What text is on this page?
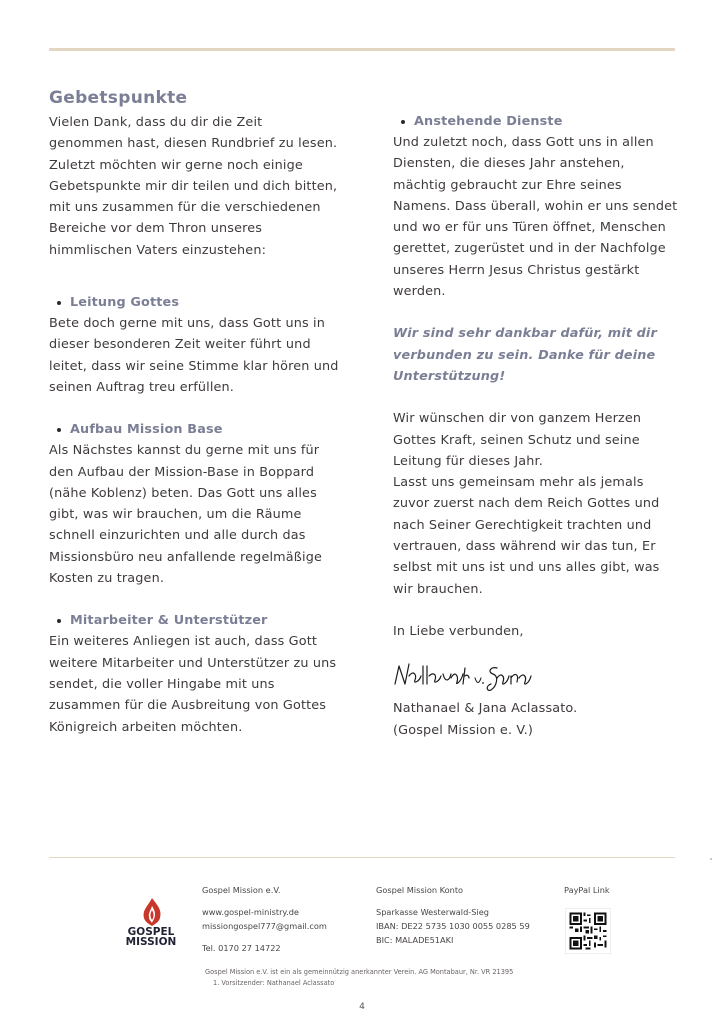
Gebetspunkte

Vielen Dank, dass du dir die Zeit genommen hast, diesen Rundbrief zu lesen.

Zuletzt möchten wir gerne noch einige Gebetspunkte mir dir teilen und dich bitten, mit uns zusammen für die verschiedenen Bereiche vor dem Thron unseres himmlischen Vaters einzustehen:

Leitung Gottes

Bete doch gerne mit uns, dass Gott uns in dieser besonderen Zeit weiter führt und leitet, dass wir seine Stimme klar hören und seinen Auftrag treu erfüllen.

Aufbau Mission Base

Als Nächstes kannst du gerne mit uns für den Aufbau der Mission-Base in Boppard (nähe Koblenz) beten. Das Gott uns alles gibt, was wir brauchen, um die Räume schnell einzurichten und alle durch das Missionsbüro neu anfallende regelmäßige Kosten zu tragen.

Mitarbeiter & Unterstützer

Ein weiteres Anliegen ist auch, dass Gott weitere Mitarbeiter und Unterstützer zu uns sendet, die voller Hingabe mit uns zusammen für die Ausbreitung von Gottes Königreich arbeiten möchten.

Anstehende Dienste

Und zuletzt noch, dass Gott uns in allen Diensten, die dieses Jahr anstehen, mächtig gebraucht zur Ehre seines Namens. Dass überall, wohin er uns sendet und wo er für uns Türen öffnet, Menschen gerettet, zugerüstet und in der Nachfolge unseres Herrn Jesus Christus gestärkt werden.

Wir sind sehr dankbar dafür, mit dir verbunden zu sein. Danke für deine Unterstützung!

Wir wünschen dir von ganzem Herzen Gottes Kraft, seinen Schutz und seine Leitung für dieses Jahr.

Lasst uns gemeinsam mehr als jemals zuvor zuerst nach dem Reich Gottes und nach Seiner Gerechtigkeit trachten und vertrauen, dass während wir das tun, Er selbst mit uns ist und uns alles gibt, was wir brauchen.

In Liebe verbunden,

Nathanael & Jana Aclassato.

(Gospel Mission e. V.)

GOSPEL
MISSION
Gospel Mission e.V.
www.gospel-ministry.de
missiongospel777@gmail.com
Tel. 0170 27 14722
Gospel Mission Konto
Sparkasse Westerwald-Sieg
IBAN: DE22 5735 1030 0055 0285 59
BIC: MALADE51AKI
PayPal Link
Gospel Mission e.V. ist ein als gemeinnützig anerkannter Verein. AG Montabaur, Nr. VR 21395
1. Vorsitzender: Nathanael Aclassato
4
